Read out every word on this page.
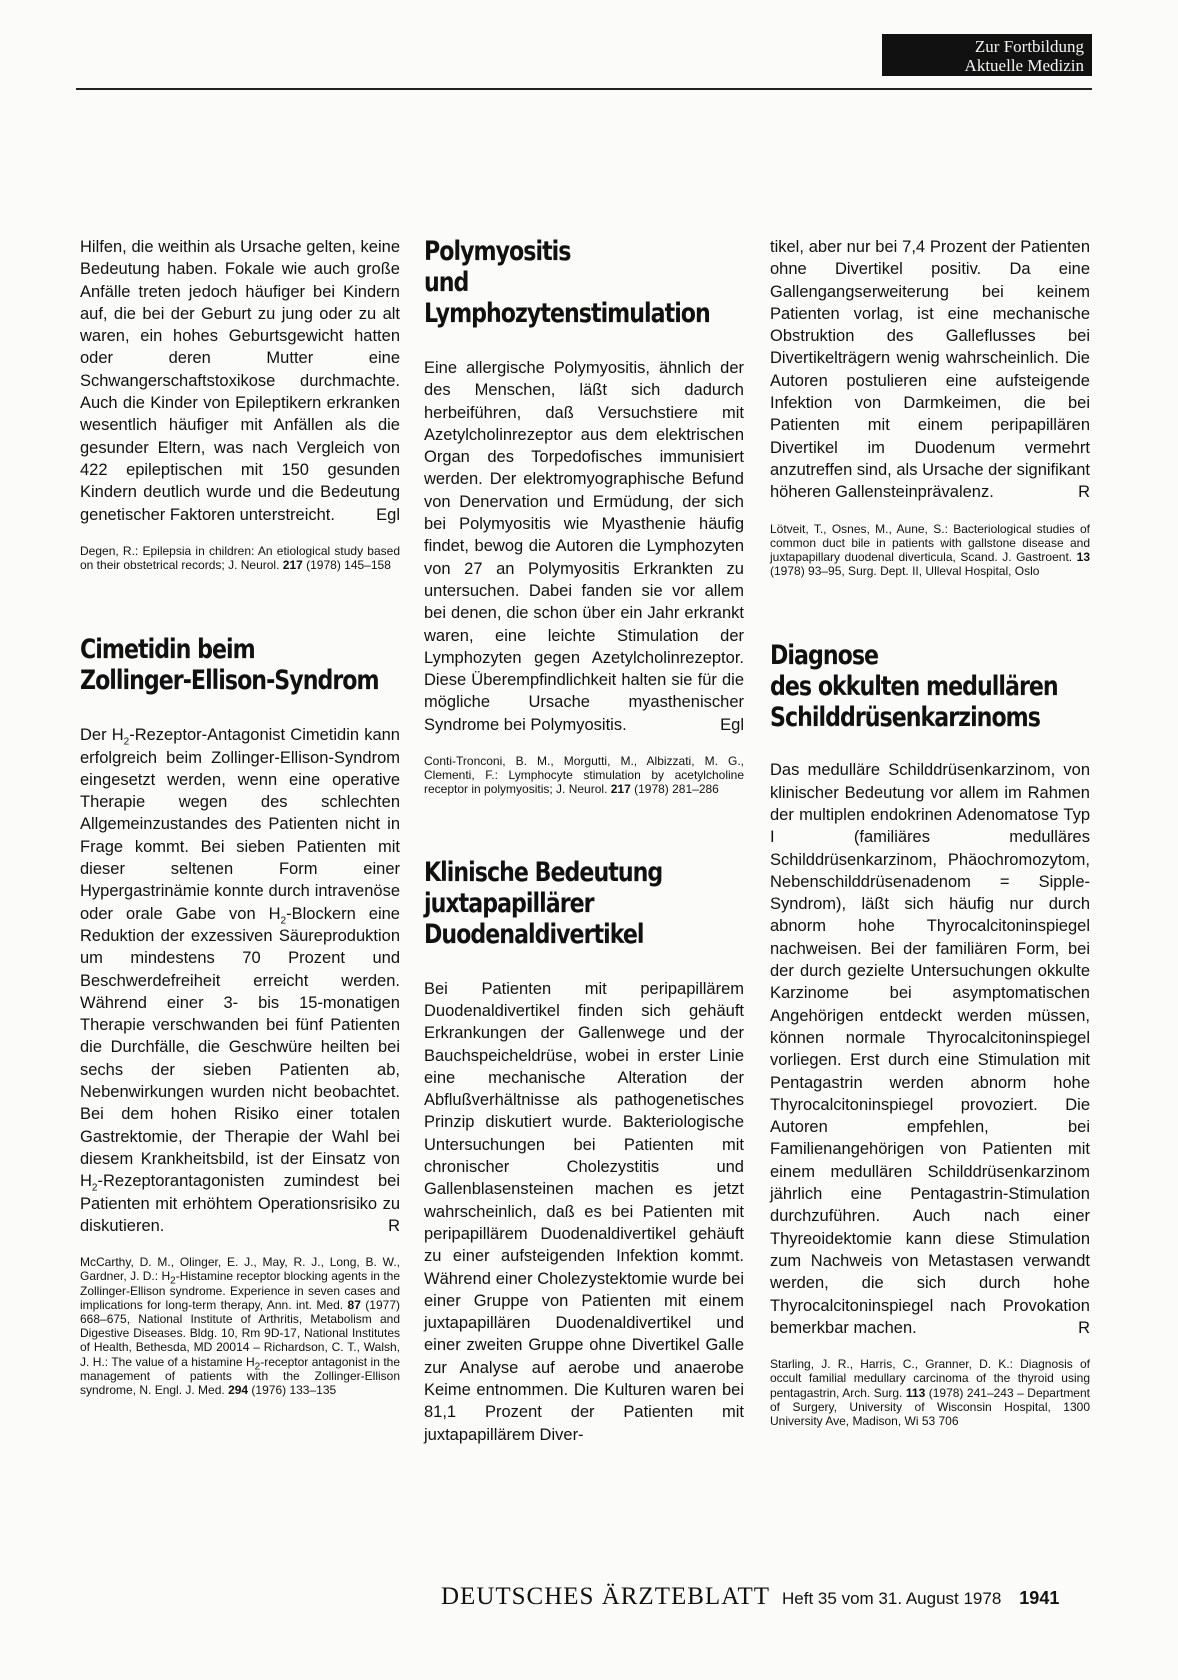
Zur Fortbildung
Aktuelle Medizin

Hilfen, die weithin als Ursache gelten, keine Bedeutung haben. Fokale wie auch große Anfälle treten jedoch häufiger bei Kindern auf, die bei der Geburt zu jung oder zu alt waren, ein hohes Geburtsgewicht hatten oder deren Mutter eine Schwangerschaftstoxikose durchmachte. Auch die Kinder von Epileptikern erkranken wesentlich häufiger mit Anfällen als die gesunder Eltern, was nach Vergleich von 422 epileptischen mit 150 gesunden Kindern deutlich wurde und die Bedeutung genetischer Faktoren unterstreicht. Egl

Degen, R.: Epilepsia in children: An etiological study based on their obstetrical records; J. Neurol. 217 (1978) 145–158

Cimetidin beim
Zollinger-Ellison-Syndrom

Der $H_2-Rezeptor$-Antagonist Cimetidin kann erfolgreich beim Zollinger-Ellison-Syndrom eingesetzt werden, wenn eine operative Therapie wegen des schlechten Allgemeinzustandes des Patienten nicht in Frage kommt. Bei sieben Patienten mit dieser seltenen Form einer Hypergastrinämie konnte durch intravenöse oder orale Gabe von $H_2$-Blockern eine Reduktion der exzessiven Säureproduktion um mindestens 70 Prozent und Beschwerdefreiheit erreicht werden. Während einer 3- bis 15-monatigen Therapie verschwanden bei fünf Patienten die Durchfälle, die Geschwüre heilten bei sechs der sieben Patienten ab, Nebenwirkungen wurden nicht beobachtet. Bei dem hohen Risiko einer totalen Gastrektomie, der Therapie der Wahl bei diesem Krankheitsbild, ist der Einsatz von $H_2$-Rezeptorantagonisten zumindest bei Patienten mit erhöhtem Operationsrisiko zu diskutieren.	R

McCarthy, D. M., Olinger, E. J., May, R. J., Long, B. W., Gardner, J. D.: $H_2$-Histamine receptor blocking agents in the Zollinger-Ellison syndrome. Experience in seven cases and implications for long-term therapy, Ann. int. Med. 87 (1977) 668–675, National Institute of Arthritis, Metabolism and Digestive Diseases. Bldg. 10, Rm 9D-17, National Institutes of Health, Bethesda, MD 20014 – Richardson, C. T., Walsh, J. H.: The value of a histamine $H_2$-receptor antagonist in the management of patients with the Zollinger-Ellison syndrome, N. Engl. J. Med. 294 (1976) 133–135

Polymyositis
und
Lymphozytenstimulation

Eine allergische Polymyositis, ähnlich der des Menschen, läßt sich dadurch herbeiführen, daß Versuchstiere mit Azetylcholinrezeptor aus dem elektrischen Organ des Torpedofisches immunisiert werden. Der elektromyographische Befund von Denervation und Ermüdung, der sich bei Polymyositis wie Myasthenie häufig findet, bewog die Autoren die Lymphozyten von 27 an Polymyositis Erkrankten zu untersuchen. Dabei fanden sie vor allem bei denen, die schon über ein Jahr erkrankt waren, eine leichte Stimulation der Lymphozyten gegen Azetylcholinrezeptor. Diese Überempfindlichkeit halten sie für die mögliche Ursache myasthenischer Syndrome bei Polymyositis.	Egl

Conti-Tronconi, B. M., Morgutti, M., Albizzati, M. G., Clementi, F.: Lymphocyte stimulation by acetylcholine receptor in polymyositis; J. Neurol. 217 (1978) 281–286

Klinische Bedeutung
juxtapapillärer
Duodenaldivertikel

Bei Patienten mit peripapillärem Duodenaldivertikel finden sich gehäuft Erkrankungen der Gallenwege und der Bauchspeicheldrüse, wobei in erster Linie eine mechanische Alteration der Abflußverhältnisse als pathogenetisches Prinzip diskutiert wurde. Bakteriologische Untersuchungen bei Patienten mit chronischer Cholezystitis und Gallenblasensteinen machen es jetzt wahrscheinlich, daß es bei Patienten mit peripapillärem Duodenaldivertikel gehäuft zu einer aufsteigenden Infektion kommt. Während einer Cholezystektomie wurde bei einer Gruppe von Patienten mit einem juxtapapillären Duodenaldivertikel und einer zweiten Gruppe ohne Divertikel Galle zur Analyse auf aerobe und anaerobe Keime entnommen. Die Kulturen waren bei 81,1 Prozent der Patienten mit juxtapapillärem Diver-

tikel, aber nur bei 7,4 Prozent der Patienten ohne Divertikel positiv. Da eine Gallengangserweiterung bei keinem Patienten vorlag, ist eine mechanische Obstruktion des Galleflusses bei Divertikelträgern wenig wahrscheinlich. Die Autoren postulieren eine aufsteigende Infektion von Darmkeimen, die bei Patienten mit einem peripapillären Divertikel im Duodenum vermehrt anzutreffen sind, als Ursache der signifikant höheren Gallensteinprävalenz.	R

Lötveit, T., Osnes, M., Aune, S.: Bacteriological studies of common duct bile in patients with gallstone disease and juxtapapillary duodenal diverticula, Scand. J. Gastroent. 13 (1978) 93–95, Surg. Dept. II, Ulleval Hospital, Oslo

Diagnose
des okkulten medullären
Schilddrüsenkarzinoms

Das medulläre Schilddrüsenkarzinom, von klinischer Bedeutung vor allem im Rahmen der multiplen endokrinen Adenomatose Typ I (familiäres medulläres Schilddrüsenkarzinom, Phäochromozytom, Nebenschilddrüsenadenom = Sipple-Syndrom), läßt sich häufig nur durch abnorm hohe Thyrocalcitoninspiegel nachweisen. Bei der familiären Form, bei der durch gezielte Untersuchungen okkulte Karzinome bei asymptomatischen Angehörigen entdeckt werden müssen, können normale Thyrocalcitoninspiegel vorliegen. Erst durch eine Stimulation mit Pentagastrin werden abnorm hohe Thyrocalcitoninspiegel provoziert. Die Autoren empfehlen, bei Familienangehörigen von Patienten mit einem medullären Schilddrüsenkarzinom jährlich eine Pentagastrin-Stimulation durchzuführen. Auch nach einer Thyreoidektomie kann diese Stimulation zum Nachweis von Metastasen verwandt werden, die sich durch hohe Thyrocalcitoninspiegel nach Provokation bemerkbar machen.	R

Starling, J. R., Harris, C., Granner, D. K.: Diagnosis of occult familial medullary carcinoma of the thyroid using pentagastrin, Arch. Surg. 113 (1978) 241–243 – Department of Surgery, University of Wisconsin Hospital, 1300 University Ave, Madison, Wi 53 706

DEUTSCHES ÄRZTEBLATT Heft 35 vom 31. August 1978 1941
